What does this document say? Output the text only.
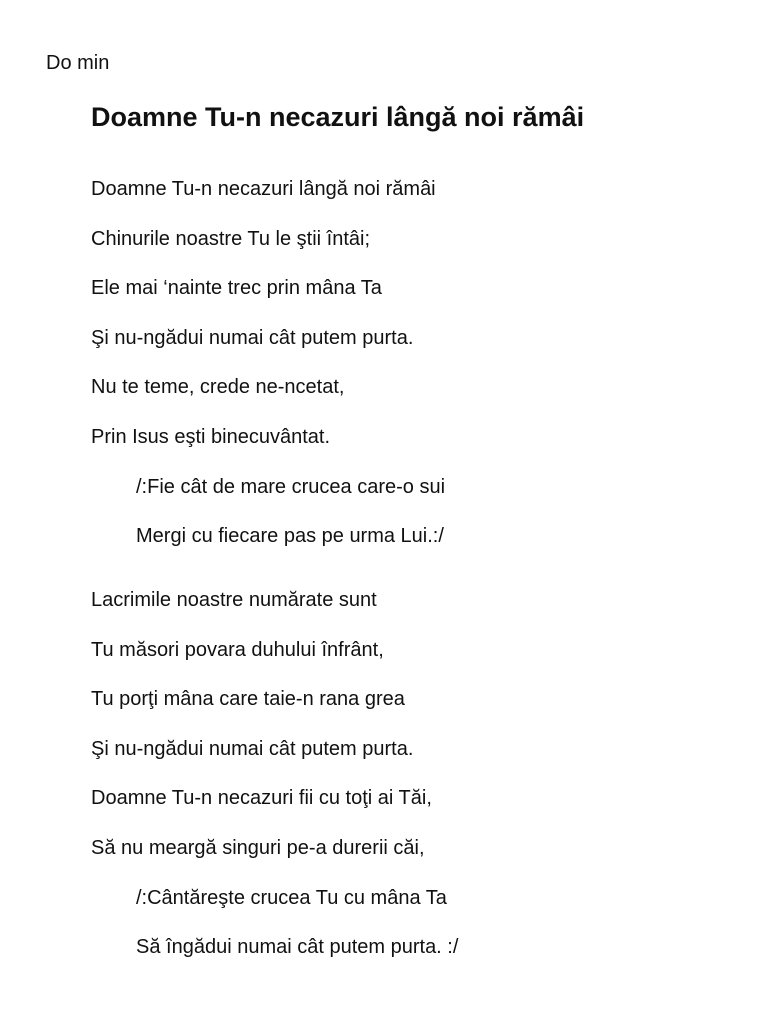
Do min
Doamne Tu-n necazuri lângă noi rămâi
Doamne Tu-n necazuri lângă noi rămâi
Chinurile noastre Tu le ştii întâi;
Ele mai ‘nainte trec prin mâna Ta
Şi nu-ngădui numai cât putem purta.
Nu te teme, crede ne-ncetat,
Prin Isus eşti binecuvântat.
/:Fie cât de mare crucea care-o sui
Mergi cu fiecare pas pe urma Lui.:/
Lacrimile noastre numărate sunt
Tu măsori povara duhului înfrânt,
Tu porţi mâna care taie-n rana grea
Şi nu-ngădui numai cât putem purta.
Doamne Tu-n necazuri fii cu toţi ai Tăi,
Să nu meargă singuri pe-a durerii căi,
/:Cântăreşte crucea Tu cu mâna Ta
Să îngădui numai cât putem purta. :/
